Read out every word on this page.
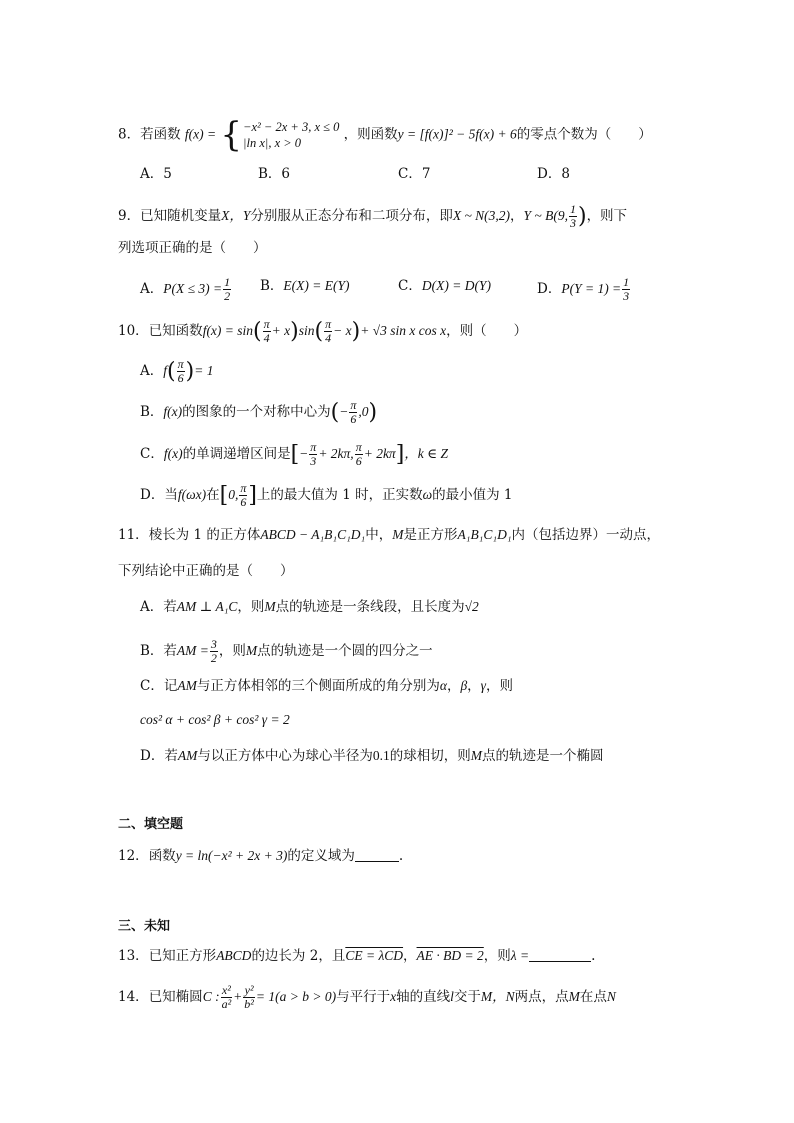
8．若函数 f(x) = { −x² − 2x + 3, x ≤ 0
|ln x|, x > 0
，则函数y = [f(x)]² − 5f(x) + 6的零点个数为（　　）
A．5	B．6	C．7	D．8
9．已知随机变量X，Y分别服从正态分布和二项分布，即X ~ N(3,2)，Y ~ B(9, $\frac{1}{3}$ )，则下
列选项正确的是（　　）
A．$P(X \le 3) = \frac{1}{2}$ B．E(X) = E(Y)	C．D(X) = D(Y)	D．$P(Y = 1) = \frac{1}{3}$
10．已知函数$f(x) = \sin( \frac{\pi}{4} + x)\sin( \frac{\pi}{4} - x)+ √3$ sin x cos x，则（　　）
A．$f( \frac{\pi}{6}$ )= 1
B．f(x)的图象的一个对称中心为(− $\frac{\pi}{6} ,0$)
C．f(x)的单调递增区间是[− $\frac{\pi}{3} + 2k\pi$, $\frac{\pi}{6} + 2k\pi$]，k ∈ Z
D．当f(ωx)在[0, $\frac{\pi}{6}$ ]上的最大值为 1 时，正实数ω的最小值为 1
11．棱长为 1 的正方体ABCD − A₁B₁C₁D₁中，M是正方形A₁B₁C₁D₁内（包括边界）一动点，
下列结论中正确的是（　　）
A．若AM ⊥ A₁C，则M点的轨迹是一条线段，且长度为√2
B．若AM = $\frac{3}{2}$ ，则M点的轨迹是一个圆的四分之一
C．记AM与正方体相邻的三个侧面所成的角分别为α，β，γ，则
cos² α + cos² β + cos² γ = 2
D．若AM与以正方体中心为球心半径为0.1的球相切，则M点的轨迹是一个椭圆
二、填空题
12．函数y = ln(−x² + 2x + 3)的定义域为	.
三、未知
13．已知正方形ABCD的边长为 2，且CE = λCD，AE · BD = 2，则λ =	.
14．已知椭圆C : $\frac{\text{x²}}{\text{a²}} + \frac{\text{y²}}{\text{b²}} = 1(a > b > 0)$与平行于x轴的直线l交于M，N两点，点M在点N
